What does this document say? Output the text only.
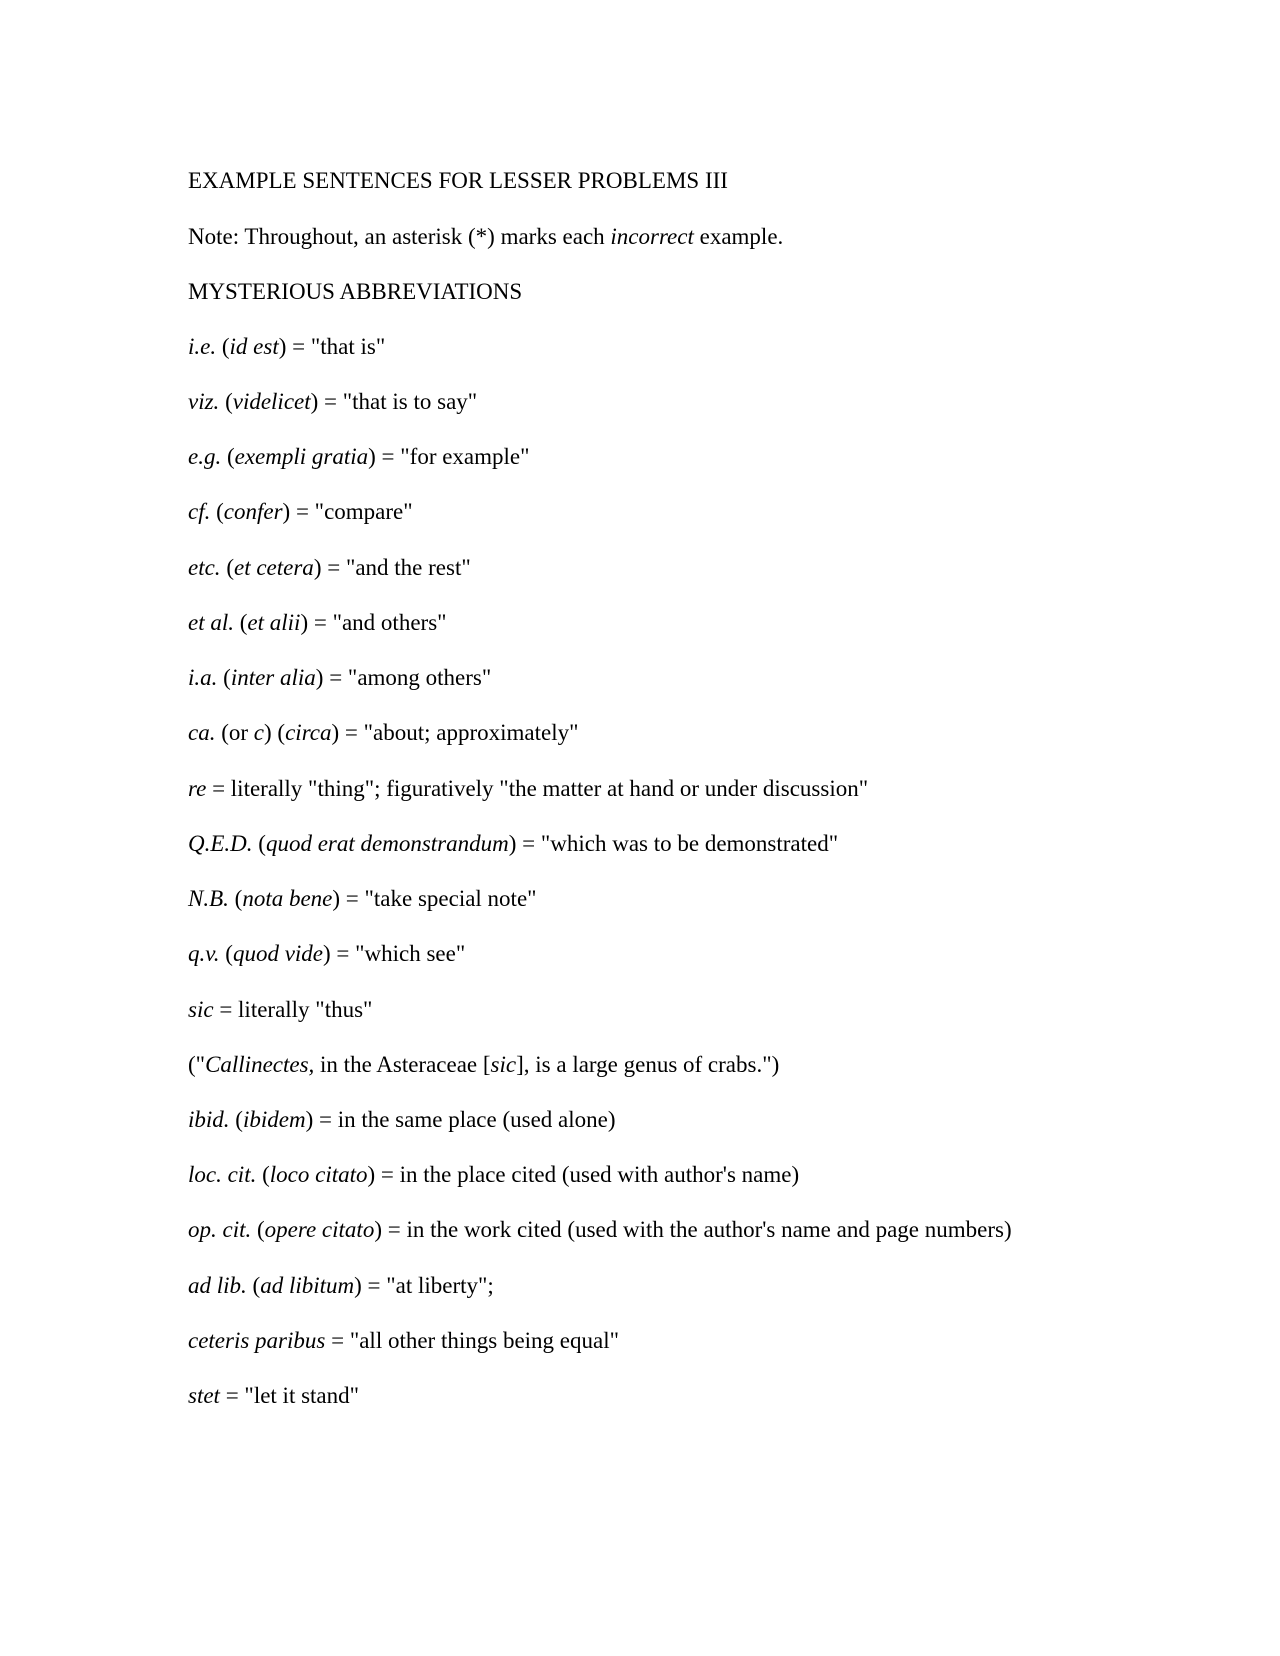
EXAMPLE SENTENCES FOR LESSER PROBLEMS III

Note: Throughout, an asterisk (*) marks each incorrect example.

MYSTERIOUS ABBREVIATIONS

i.e. (id est) = "that is"

viz. (videlicet) = "that is to say"

e.g. (exempli gratia) = "for example"

cf. (confer) = "compare"

etc. (et cetera) = "and the rest"

et al. (et alii) = "and others"

i.a. (inter alia) = "among others"

ca. (or c) (circa) = "about; approximately"

re = literally "thing"; figuratively "the matter at hand or under discussion"

Q.E.D. (quod erat demonstrandum) = "which was to be demonstrated"

N.B. (nota bene) = "take special note"

q.v. (quod vide) = "which see"

sic = literally "thus"

("Callinectes, in the Asteraceae [sic], is a large genus of crabs.")

ibid. (ibidem) = in the same place (used alone)

loc. cit. (loco citato) = in the place cited (used with author's name)

op. cit. (opere citato) = in the work cited (used with the author's name and page numbers)

ad lib. (ad libitum) = "at liberty";

ceteris paribus = "all other things being equal"

stet = "let it stand"
